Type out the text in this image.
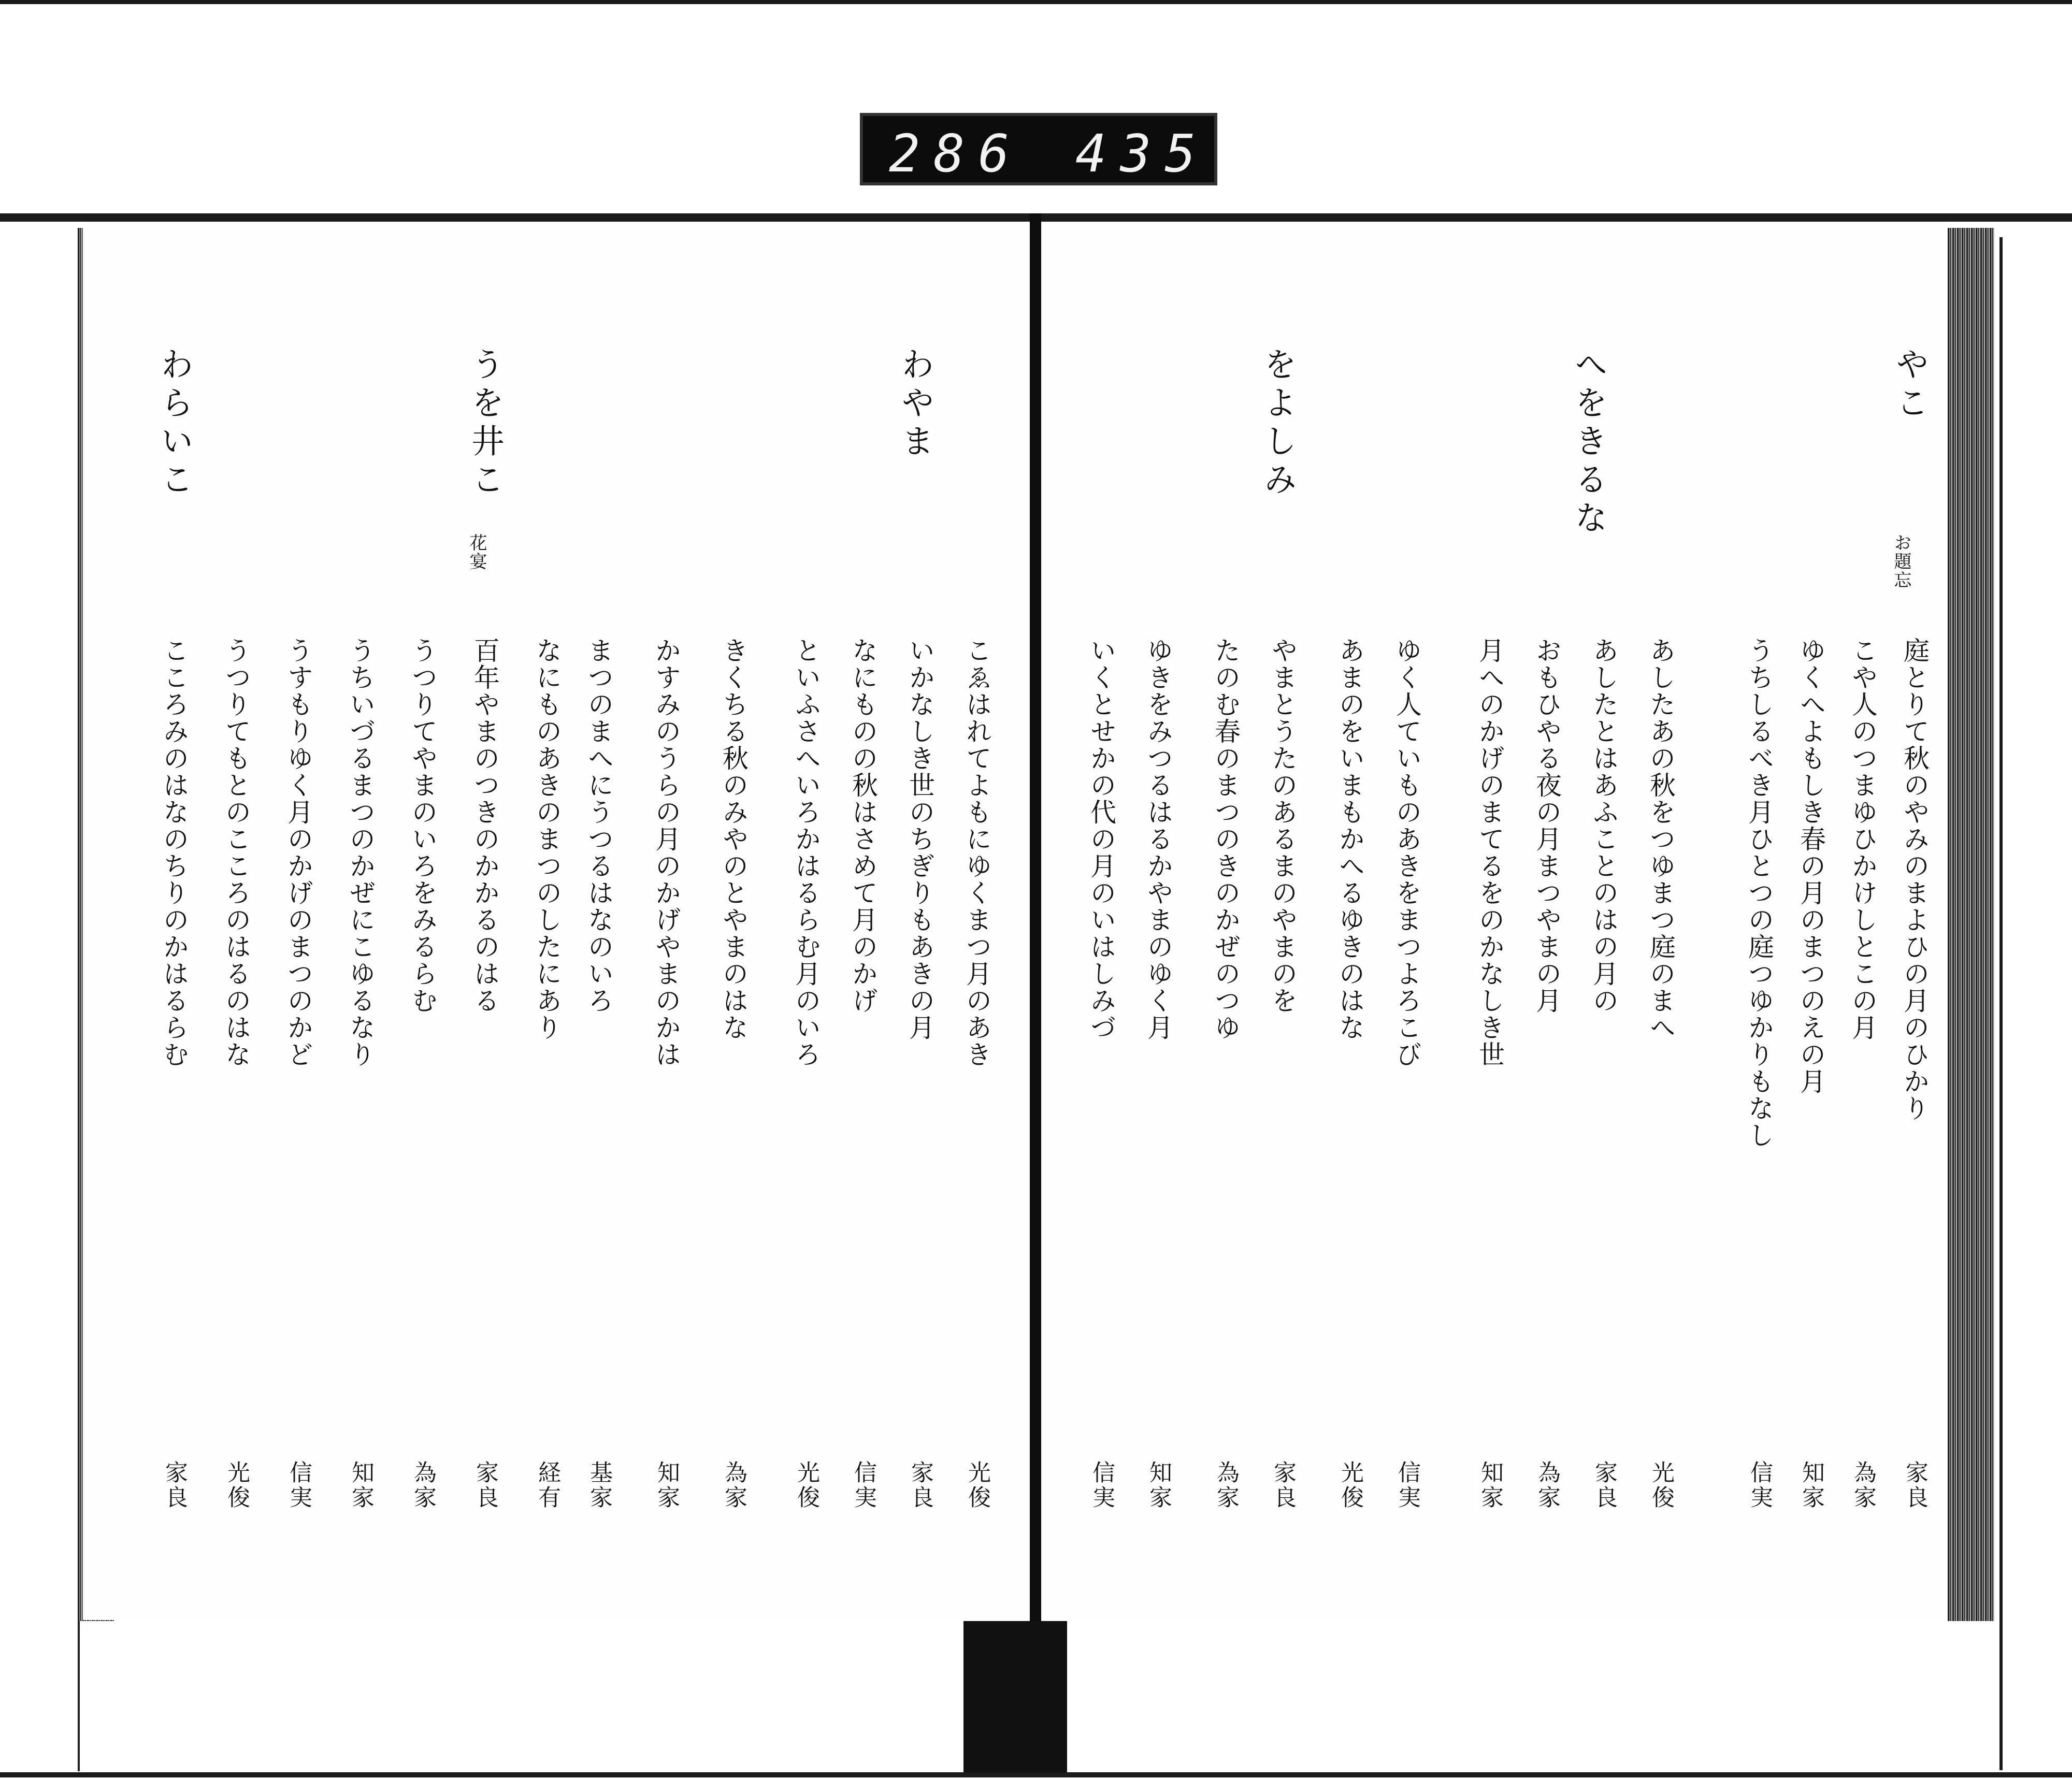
286 435
やこ
お題忘
へをきるな
をよしみ
庭とりて秋のやみのまよひの月のひかり
家良
こや人のつまゆひかけしとこの月
為家
ゆくへよもしき春の月のまつのえの月
知家
うちしるべき月ひとつの庭つゆかりもなし
信実
あしたあの秋をつゆまつ庭のまへ
光俊
あしたとはあふことのはの月の
家良
おもひやる夜の月まつやまの月
為家
月へのかげのまてるをのかなしき世
知家
ゆく人ていものあきをまつよろこび
信実
あまのをいまもかへるゆきのはな
光俊
やまとうたのあるまのやまのを
家良
たのむ春のまつのきのかぜのつゆ
為家
ゆきをみつるはるかやまのゆく月
知家
いくとせかの代の月のいはしみづ
信実
わやま
うを井こ
花宴
わらいこ
こゑはれてよもにゆくまつ月のあき
光俊
いかなしき世のちぎりもあきの月
家良
なにものの秋はさめて月のかげ
信実
といふさへいろかはるらむ月のいろ
光俊
きくちる秋のみやのとやまのはな
為家
かすみのうらの月のかげやまのかは
知家
まつのまへにうつるはなのいろ
基家
なにものあきのまつのしたにあり
経有
百年やまのつきのかかるのはる
家良
うつりてやまのいろをみるらむ
為家
うちいづるまつのかぜにこゆるなり
知家
うすもりゆく月のかげのまつのかど
信実
うつりてもとのこころのはるのはな
光俊
こころみのはなのちりのかはるらむ
家良
